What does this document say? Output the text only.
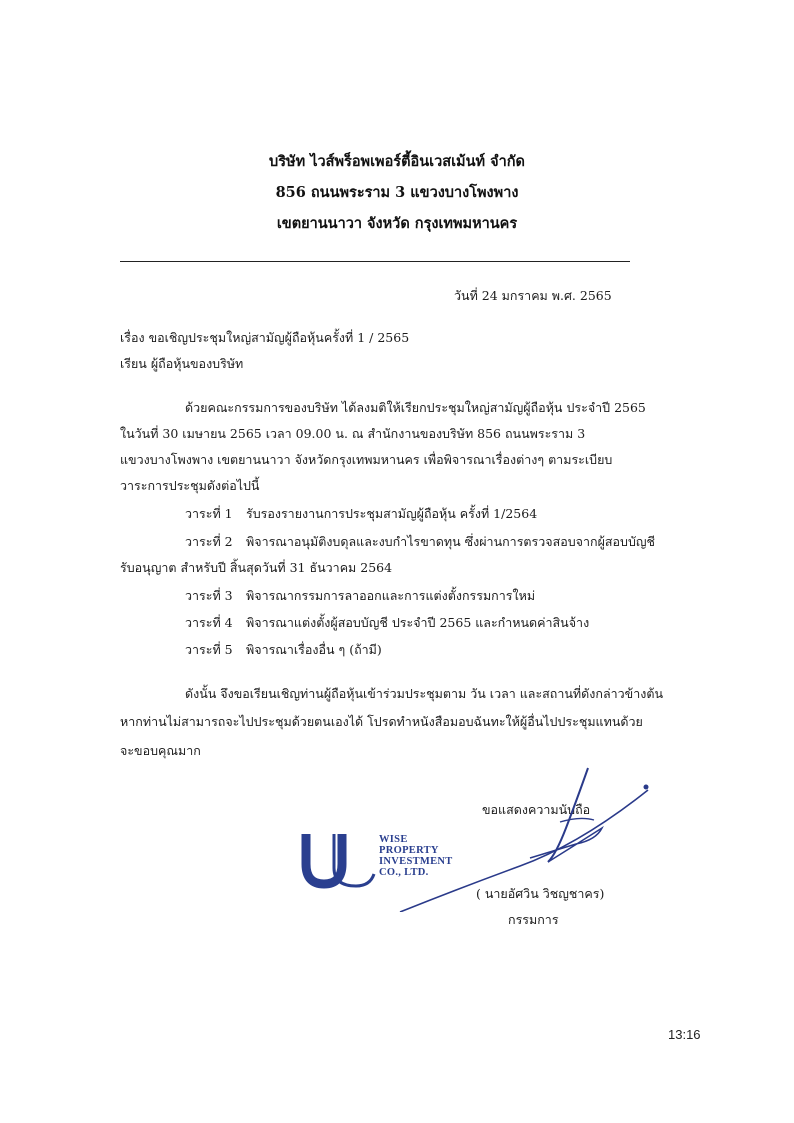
บริษัท ไวส์พร็อพเพอร์ตี้อินเวสเม้นท์ จำกัด
856 ถนนพระราม 3 แขวงบางโพงพาง
เขตยานนาวา จังหวัด กรุงเทพมหานคร
วันที่ 24 มกราคม พ.ศ. 2565
เรื่อง ขอเชิญประชุมใหญ่สามัญผู้ถือหุ้นครั้งที่ 1 / 2565
เรียน ผู้ถือหุ้นของบริษัท
ด้วยคณะกรรมการของบริษัท ได้ลงมติให้เรียกประชุมใหญ่สามัญผู้ถือหุ้น ประจำปี 2565
ในวันที่ 30 เมษายน 2565 เวลา 09.00 น. ณ สำนักงานของบริษัท 856 ถนนพระราม 3
แขวงบางโพงพาง เขตยานนาวา จังหวัดกรุงเทพมหานคร เพื่อพิจารณาเรื่องต่างๆ ตามระเบียบ
วาระการประชุมดังต่อไปนี้
วาระที่ 1 รับรองรายงานการประชุมสามัญผู้ถือหุ้น ครั้งที่ 1/2564
วาระที่ 2 พิจารณาอนุมัติงบดุลและงบกำไรขาดทุน ซึ่งผ่านการตรวจสอบจากผู้สอบบัญชี
รับอนุญาต สำหรับปี สิ้นสุดวันที่ 31 ธันวาคม 2564
วาระที่ 3 พิจารณากรรมการลาออกและการแต่งตั้งกรรมการใหม่
วาระที่ 4 พิจารณาแต่งตั้งผู้สอบบัญชี ประจำปี 2565 และกำหนดค่าสินจ้าง
วาระที่ 5 พิจารณาเรื่องอื่น ๆ (ถ้ามี)
ดังนั้น จึงขอเรียนเชิญท่านผู้ถือหุ้นเข้าร่วมประชุมตาม วัน เวลา และสถานที่ดังกล่าวข้างต้น
หากท่านไม่สามารถจะไปประชุมด้วยตนเองได้ โปรดทำหนังสือมอบฉันทะให้ผู้อื่นไปประชุมแทนด้วย
จะขอบคุณมาก
ขอแสดงความนับถือ
WISE
PROPERTY
INVESTMENT
CO., LTD.
( นายอัศวิน วิชญชาคร)
กรรมการ
13:16
